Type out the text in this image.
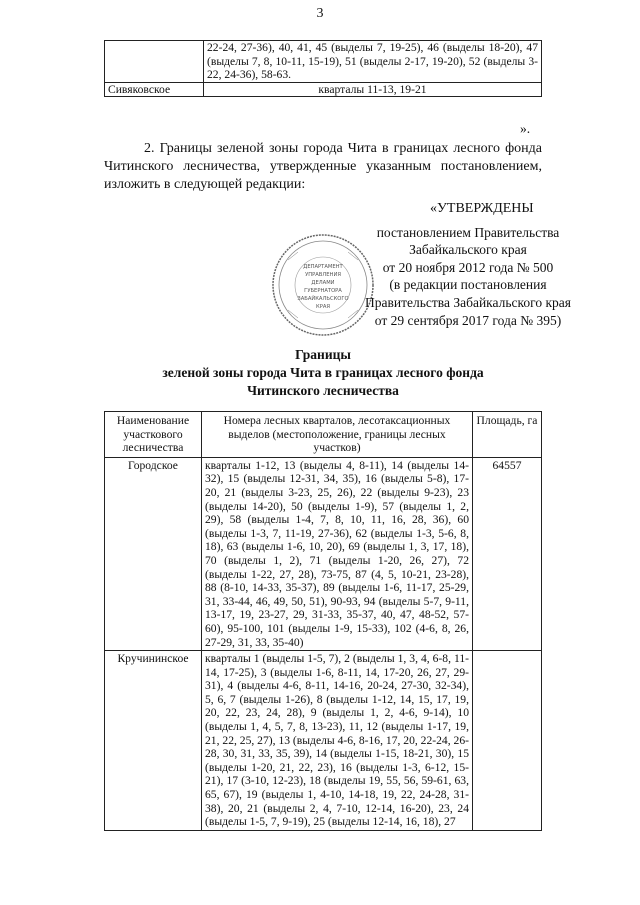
3
	22-24, 27-36), 40, 41, 45 (выделы 7, 19-25), 46 (выделы 18-20), 47 (выделы 7, 8, 10-11, 15-19), 51 (выделы 2-17, 19-20), 52 (выделы 3-22, 24-36), 58-63.
Сивяковское	кварталы 11-13, 19-21
».
2. Границы зеленой зоны города Чита в границах лесного фонда Читинского лесничества, утвержденные указанным постановлением, изложить в следующей редакции:
ДЕПАРТАМЕНТ
УПРАВЛЕНИЯ
ДЕЛАМИ
ГУБЕРНАТОРА
ЗАБАЙКАЛЬСКОГО
КРАЯ
«УТВЕРЖДЕНЫ
постановлением Правительства
Забайкальского края
от 20 ноября 2012 года № 500
(в редакции постановления
Правительства Забайкальского края
от 29 сентября 2017 года № 395)
Границы
зеленой зоны города Чита в границах лесного фонда
Читинского лесничества
Наименование участкового лесничества	Номера лесных кварталов, лесотаксационных выделов (местоположение, границы лесных участков)	Площадь, га
Городское	кварталы 1-12, 13 (выделы 4, 8-11), 14 (выделы 14-32), 15 (выделы 12-31, 34, 35), 16 (выделы 5-8), 17-20, 21 (выделы 3-23, 25, 26), 22 (выделы 9-23), 23 (выделы 14-20), 50 (выделы 1-9), 57 (выделы 1, 2, 29), 58 (выделы 1-4, 7, 8, 10, 11, 16, 28, 36), 60 (выделы 1-3, 7, 11-19, 27-36), 62 (выделы 1-3, 5-6, 8, 18), 63 (выделы 1-6, 10, 20), 69 (выделы 1, 3, 17, 18), 70 (выделы 1, 2), 71 (выделы 1-20, 26, 27), 72 (выделы 1-22, 27, 28), 73-75, 87 (4, 5, 10-21, 23-28), 88 (8-10, 14-33, 35-37), 89 (выделы 1-6, 11-17, 25-29, 31, 33-44, 46, 49, 50, 51), 90-93, 94 (выделы 5-7, 9-11, 13-17, 19, 23-27, 29, 31-33, 35-37, 40, 47, 48-52, 57-60), 95-100, 101 (выделы 1-9, 15-33), 102 (4-6, 8, 26, 27-29, 31, 33, 35-40)	64557
Кручининское	кварталы 1 (выделы 1-5, 7), 2 (выделы 1, 3, 4, 6-8, 11-14, 17-25), 3 (выделы 1-6, 8-11, 14, 17-20, 26, 27, 29-31), 4 (выделы 4-6, 8-11, 14-16, 20-24, 27-30, 32-34), 5, 6, 7 (выделы 1-26), 8 (выделы 1-12, 14, 15, 17, 19, 20, 22, 23, 24, 28), 9 (выделы 1, 2, 4-6, 9-14), 10 (выделы 1, 4, 5, 7, 8, 13-23), 11, 12 (выделы 1-17, 19, 21, 22, 25, 27), 13 (выделы 4-6, 8-16, 17, 20, 22-24, 26-28, 30, 31, 33, 35, 39), 14 (выделы 1-15, 18-21, 30), 15 (выделы 1-20, 21, 22, 23), 16 (выделы 1-3, 6-12, 15-21), 17 (3-10, 12-23), 18 (выделы 19, 55, 56, 59-61, 63, 65, 67), 19 (выделы 1, 4-10, 14-18, 19, 22, 24-28, 31-38), 20, 21 (выделы 2, 4, 7-10, 12-14, 16-20), 23, 24 (выделы 1-5, 7, 9-19), 25 (выделы 12-14, 16, 18), 27	
